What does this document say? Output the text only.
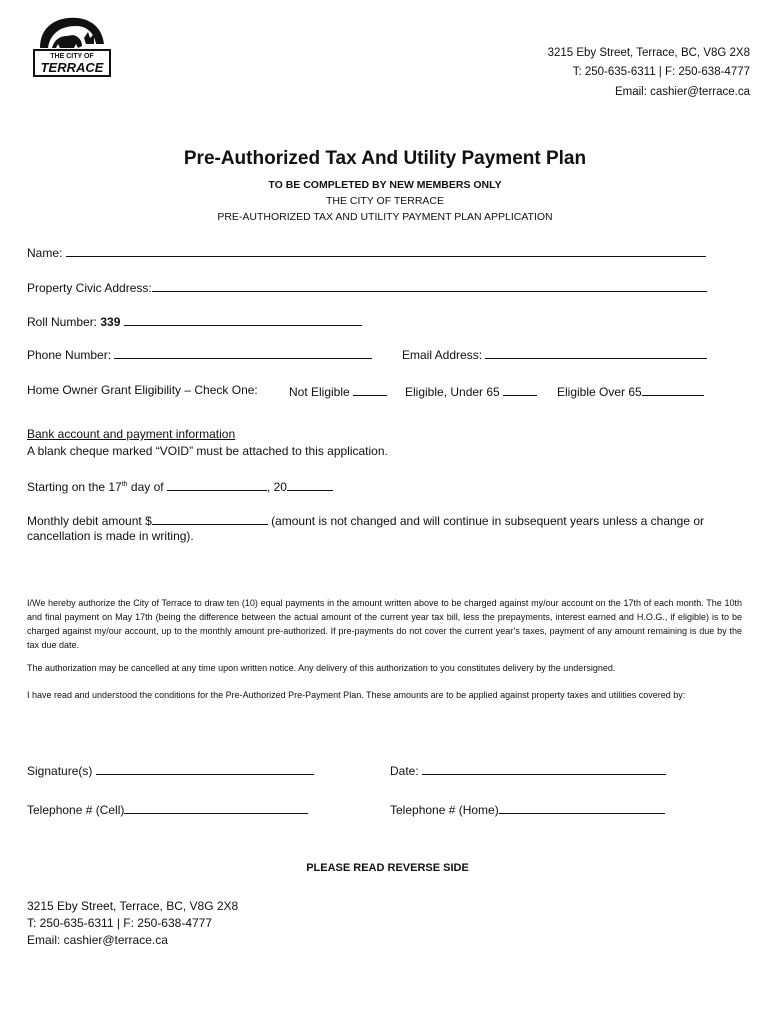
THE CITY OF
TERRACE
3215 Eby Street, Terrace, BC, V8G 2X8
T: 250-635-6311 | F: 250-638-4777
Email: cashier@terrace.ca
Pre-Authorized Tax And Utility Payment Plan
TO BE COMPLETED BY NEW MEMBERS ONLY
THE CITY OF TERRACE
PRE-AUTHORIZED TAX AND UTILITY PAYMENT PLAN APPLICATION
Name:
Property Civic Address:
Roll Number: 339
Phone Number:	Email Address:
Home Owner Grant Eligibility – Check One:	Not Eligible	Eligible, Under 65	Eligible Over 65
Bank account and payment information
A blank cheque marked “VOID” must be attached to this application.
Starting on the 17th day of	, 20
Monthly debit amount $	(amount is not changed and will continue in subsequent years unless a change or
cancellation is made in writing).
I/We hereby authorize the City of Terrace to draw ten (10) equal payments in the amount written above to be charged against my/our account on the 17th of each month. The 10th and final payment on May 17th (being the difference between the actual amount of the current year tax bill, less the prepayments, interest earned and H.O.G., if eligible) is to be charged against my/our account, up to the monthly amount pre-authorized. If pre-payments do not cover the current year’s taxes, payment of any amount remaining is due by the tax due date.
The authorization may be cancelled at any time upon written notice. Any delivery of this authorization to you constitutes delivery by the undersigned.
I have read and understood the conditions for the Pre-Authorized Pre-Payment Plan. These amounts are to be applied against property taxes and utilities covered by:
Signature(s)	Date:
Telephone # (Cell)	Telephone # (Home)
PLEASE READ REVERSE SIDE
3215 Eby Street, Terrace, BC, V8G 2X8
T: 250-635-6311 | F: 250-638-4777
Email: cashier@terrace.ca
